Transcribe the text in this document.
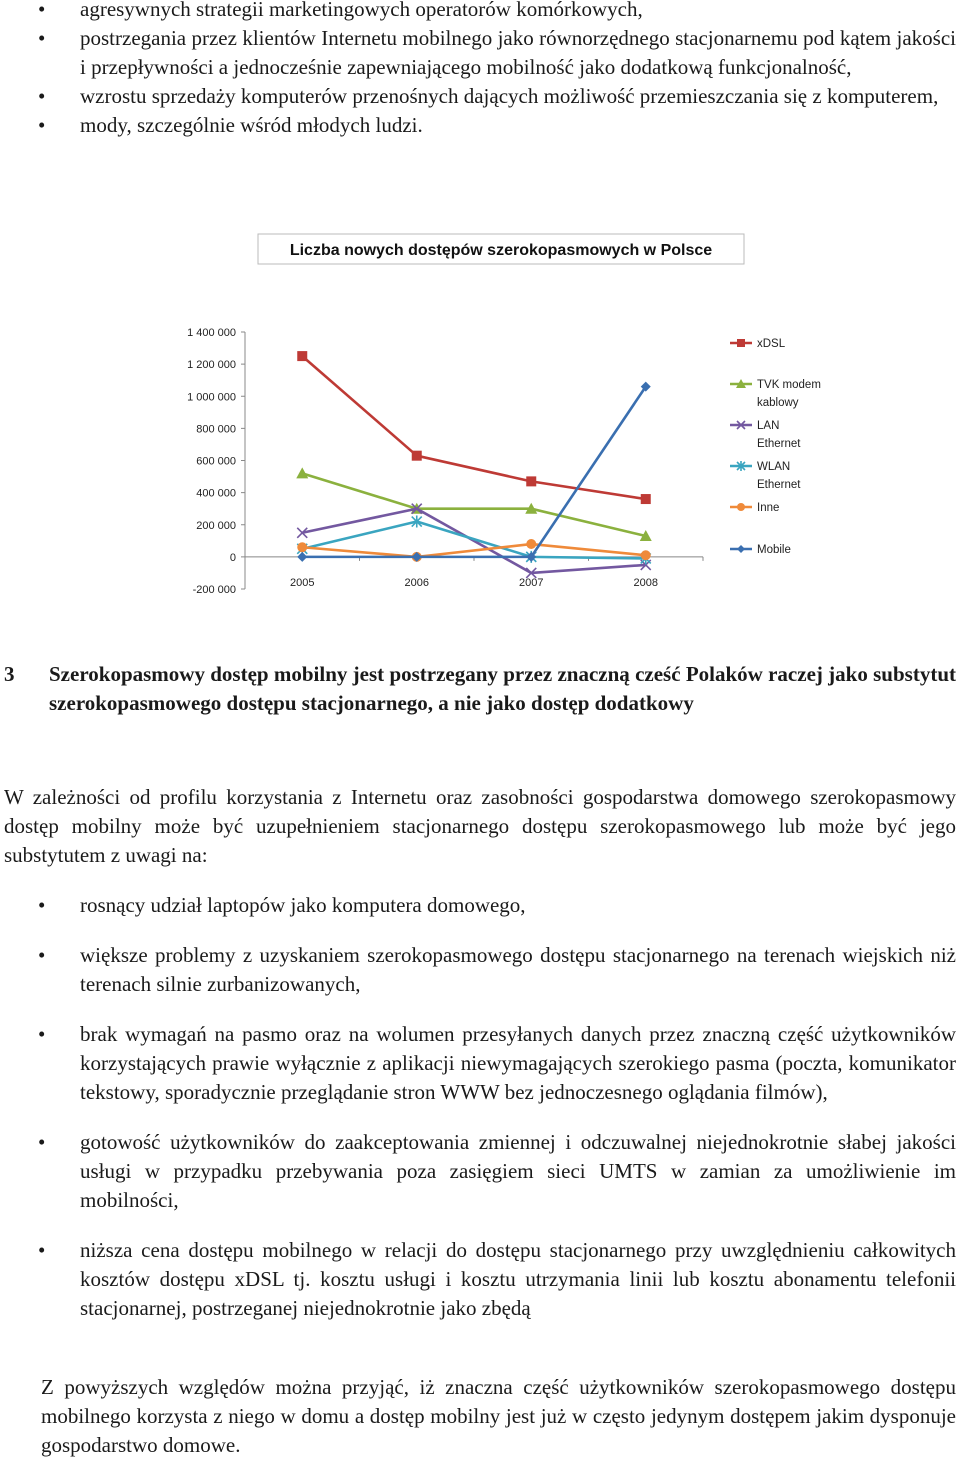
• agresywnych strategii marketingowych operatorów komórkowych,
• postrzegania przez klientów Internetu mobilnego jako równorzędnego stacjonarnemu pod kątem jakości i przepływności a jednocześnie zapewniającego mobilność jako dodatkową funkcjonalność,
• wzrostu sprzedaży komputerów przenośnych dających możliwość przemieszczania się z komputerem,
• mody, szczególnie wśród młodych ludzi.
Liczba nowych dostępów szerokopasmowych w Polsce
1 400 000
1 200 000
1 000 000
800 000
600 000
400 000
200 000
0
-200 000
2005	2006	2007	2008
xDSL
TVK modem
kablowy
LAN
Ethernet
WLAN
Ethernet
Inne
Mobile
3	Szerokopasmowy dostęp mobilny jest postrzegany przez znaczną cześć Polaków raczej jako substytut szerokopasmowego dostępu stacjonarnego, a nie jako dostęp dodatkowy

W zależności od profilu korzystania z Internetu oraz zasobności gospodarstwa domowego szerokopasmowy dostęp mobilny może być uzupełnieniem stacjonarnego dostępu szerokopasmowego lub może być jego substytutem z uwagi na:

• rosnący udział laptopów jako komputera domowego,
• większe problemy z uzyskaniem szerokopasmowego dostępu stacjonarnego na terenach wiejskich niż terenach silnie zurbanizowanych,
• brak wymagań na pasmo oraz na wolumen przesyłanych danych przez znaczną część użytkowników korzystających prawie wyłącznie z aplikacji niewymagających szerokiego pasma (poczta, komunikator tekstowy, sporadycznie przeglądanie stron WWW bez jednoczesnego oglądania filmów),
• gotowość użytkowników do zaakceptowania zmiennej i odczuwalnej niejednokrotnie słabej jakości usługi w przypadku przebywania poza zasięgiem sieci UMTS w zamian za umożliwienie im mobilności,
• niższa cena dostępu mobilnego w relacji do dostępu stacjonarnego przy uwzględnieniu całkowitych kosztów dostępu xDSL tj. kosztu usługi i kosztu utrzymania linii lub kosztu abonamentu telefonii stacjonarnej, postrzeganej niejednokrotnie jako zbędą

Z powyższych względów można przyjąć, iż znaczna część użytkowników szerokopasmowego dostępu mobilnego korzysta z niego w domu a dostęp mobilny jest już w często jedynym dostępem jakim dysponuje gospodarstwo domowe.
